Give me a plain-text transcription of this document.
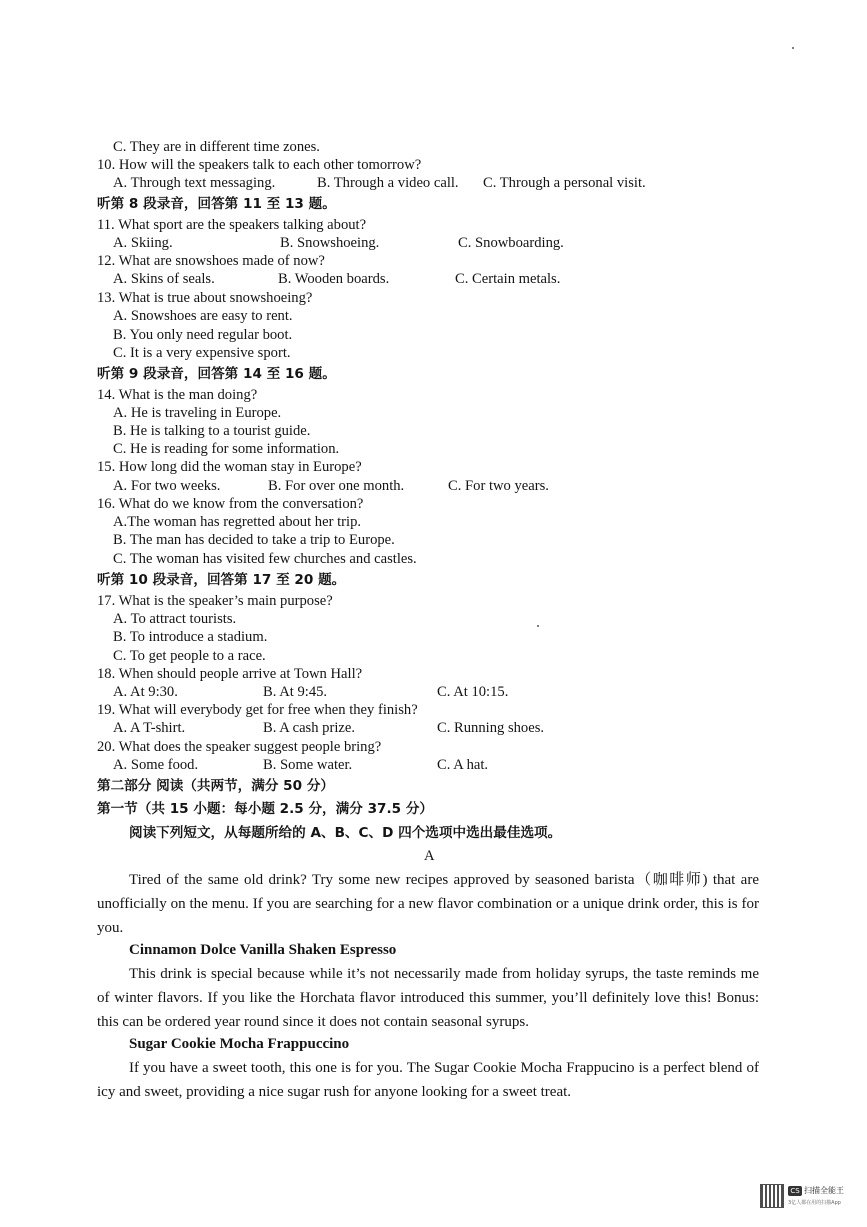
C. They are in different time zones.
10. How will the speakers talk to each other tomorrow?
A. Through text messaging.	B. Through a video call. C. Through a personal visit.
听第 8 段录音，回答第 11 至 13 题。
11. What sport are the speakers talking about?
A. Skiing.	B. Snowshoeing.	C. Snowboarding.
12. What are snowshoes made of now?
A. Skins of seals.	B. Wooden boards.	C. Certain metals.
13. What is true about snowshoeing?
A. Snowshoes are easy to rent.
B. You only need regular boot.
C. It is a very expensive sport.
听第 9 段录音，回答第 14 至 16 题。
14. What is the man doing?
A. He is traveling in Europe.
B. He is talking to a tourist guide.
C. He is reading for some information.
15. How long did the woman stay in Europe?
A. For two weeks.	B. For over one month.	C. For two years.
16. What do we know from the conversation?
A.The woman has regretted about her trip.
B. The man has decided to take a trip to Europe.
C. The woman has visited few churches and castles.
听第 10 段录音，回答第 17 至 20 题。
17. What is the speaker’s main purpose?
A. To attract tourists.
B. To introduce a stadium.
C. To get people to a race.
18. When should people arrive at Town Hall?
A. At 9:30.	B. At 9:45.	C. At 10:15.
19. What will everybody get for free when they finish?
A. A T-shirt.	B. A cash prize.	C. Running shoes.
20. What does the speaker suggest people bring?
A. Some food.	B. Some water.	C. A hat.
第二部分 阅读（共两节，满分 50 分）
第一节（共 15 小题：每小题 2.5 分，满分 37.5 分）
阅读下列短文，从每题所给的 A、B、C、D 四个选项中选出最佳选项。
A
Tired of the same old drink? Try some new recipes approved by seasoned barista（咖啡师) that are unofficially on the menu. If you are searching for a new flavor combination or a unique drink order, this is for you.
Cinnamon Dolce Vanilla Shaken Espresso
This drink is special because while it’s not necessarily made from holiday syrups, the taste reminds me of winter flavors. If you like the Horchata flavor introduced this summer, you’ll definitely love this! Bonus: this can be ordered year round since it does not contain seasonal syrups.
Sugar Cookie Mocha Frappuccino
If you have a sweet tooth, this one is for you. The Sugar Cookie Mocha Frappucino is a perfect blend of icy and sweet, providing a nice sugar rush for anyone looking for a sweet treat.
CS 扫描全能王
3亿人都在用的扫描App
